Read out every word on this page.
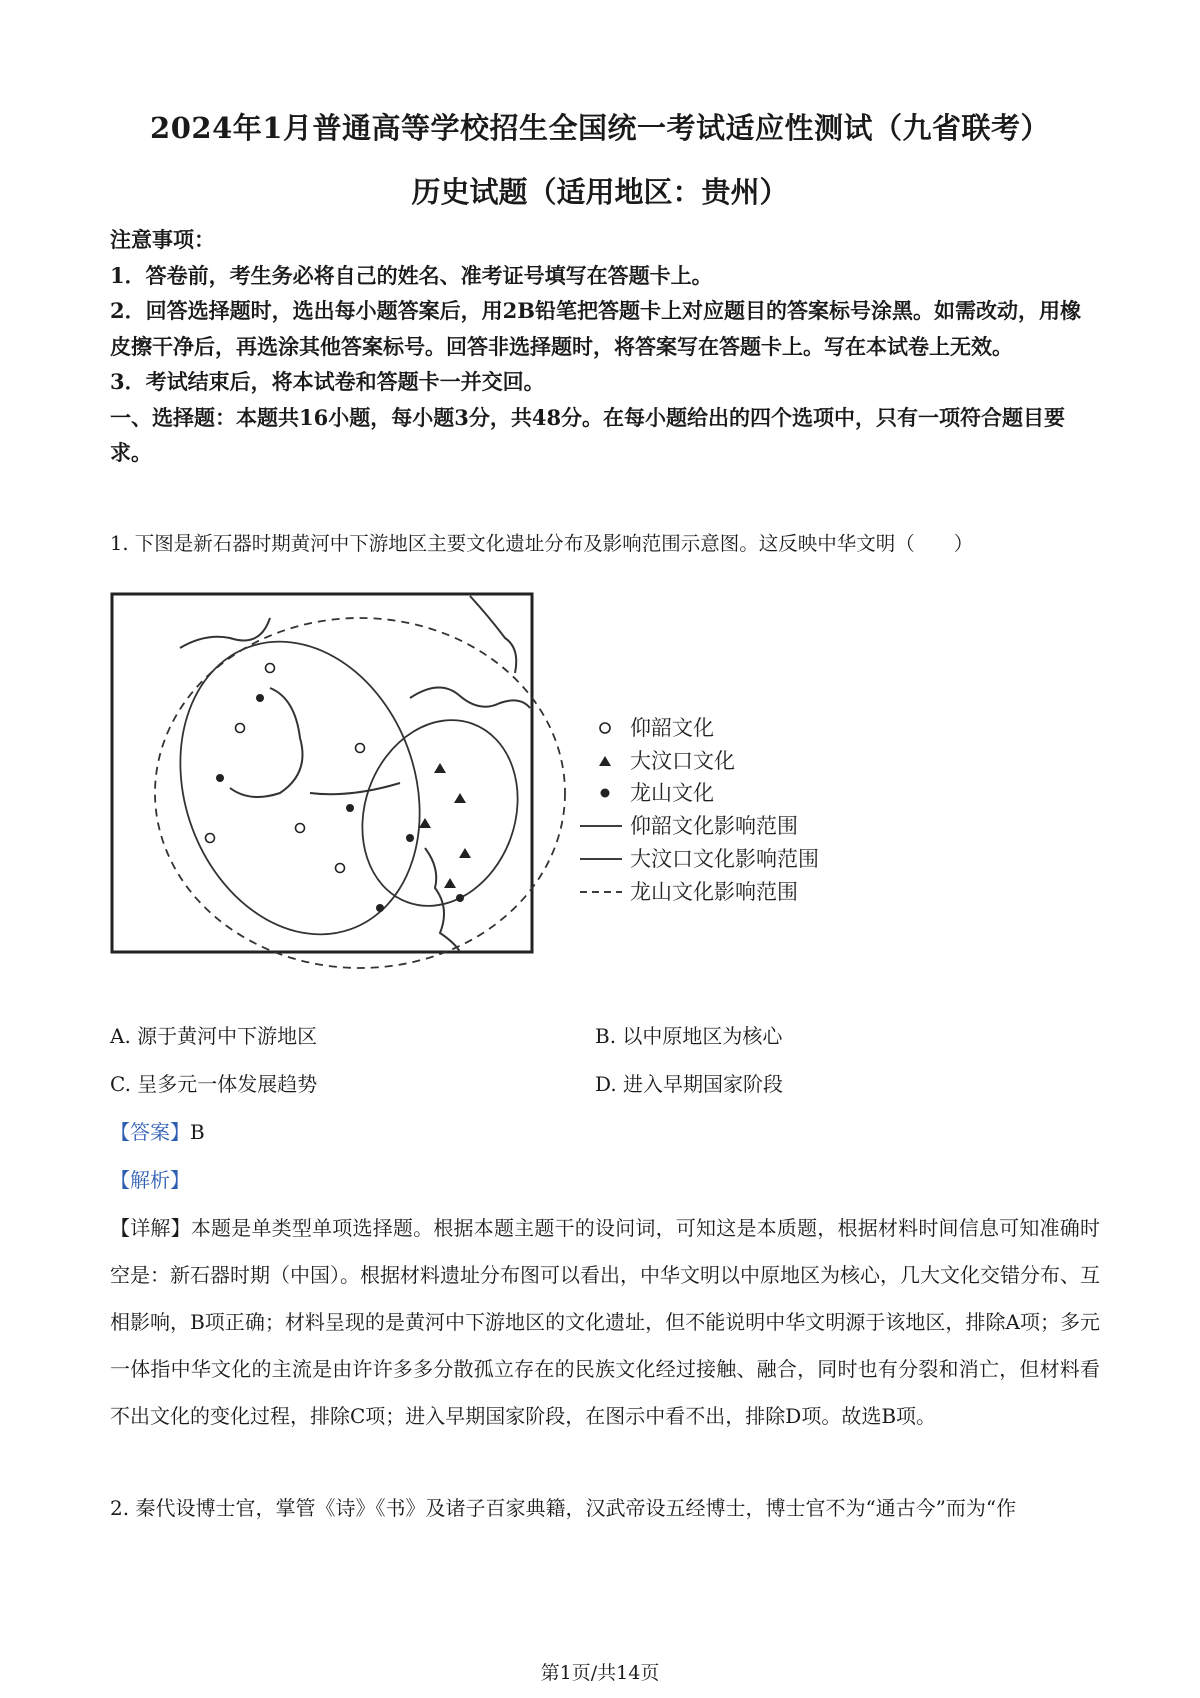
2024年1月普通高等学校招生全国统一考试适应性测试（九省联考）
历史试题（适用地区：贵州）

注意事项：

1．答卷前，考生务必将自己的姓名、准考证号填写在答题卡上。

2．回答选择题时，选出每小题答案后，用2B铅笔把答题卡上对应题目的答案标号涂黑。如需改动，用橡皮擦干净后，再选涂其他答案标号。回答非选择题时，将答案写在答题卡上。写在本试卷上无效。

3．考试结束后，将本试卷和答题卡一并交回。

一、选择题：本题共16小题，每小题3分，共48分。在每小题给出的四个选项中，只有一项符合题目要求。

1. 下图是新石器时期黄河中下游地区主要文化遗址分布及影响范围示意图。这反映中华文明（　　）
仰韶文化
大汶口文化
龙山文化
仰韶文化影响范围
大汶口文化影响范围
龙山文化影响范围
A. 源于黄河中下游地区	B. 以中原地区为核心
C. 呈多元一体发展趋势	D. 进入早期国家阶段
【答案】B
【解析】
【详解】本题是单类型单项选择题。根据本题主题干的设问词，可知这是本质题，根据材料时间信息可知准确时空是：新石器时期（中国）。根据材料遗址分布图可以看出，中华文明以中原地区为核心，几大文化交错分布、互相影响，B项正确；材料呈现的是黄河中下游地区的文化遗址，但不能说明中华文明源于该地区，排除A项；多元一体指中华文化的主流是由许许多多分散孤立存在的民族文化经过接触、融合，同时也有分裂和消亡，但材料看不出文化的变化过程，排除C项；进入早期国家阶段，在图示中看不出，排除D项。故选B项。
2. 秦代设博士官，掌管《诗》《书》及诸子百家典籍，汉武帝设五经博士，博士官不为“通古今”而为“作
第1页/共14页
